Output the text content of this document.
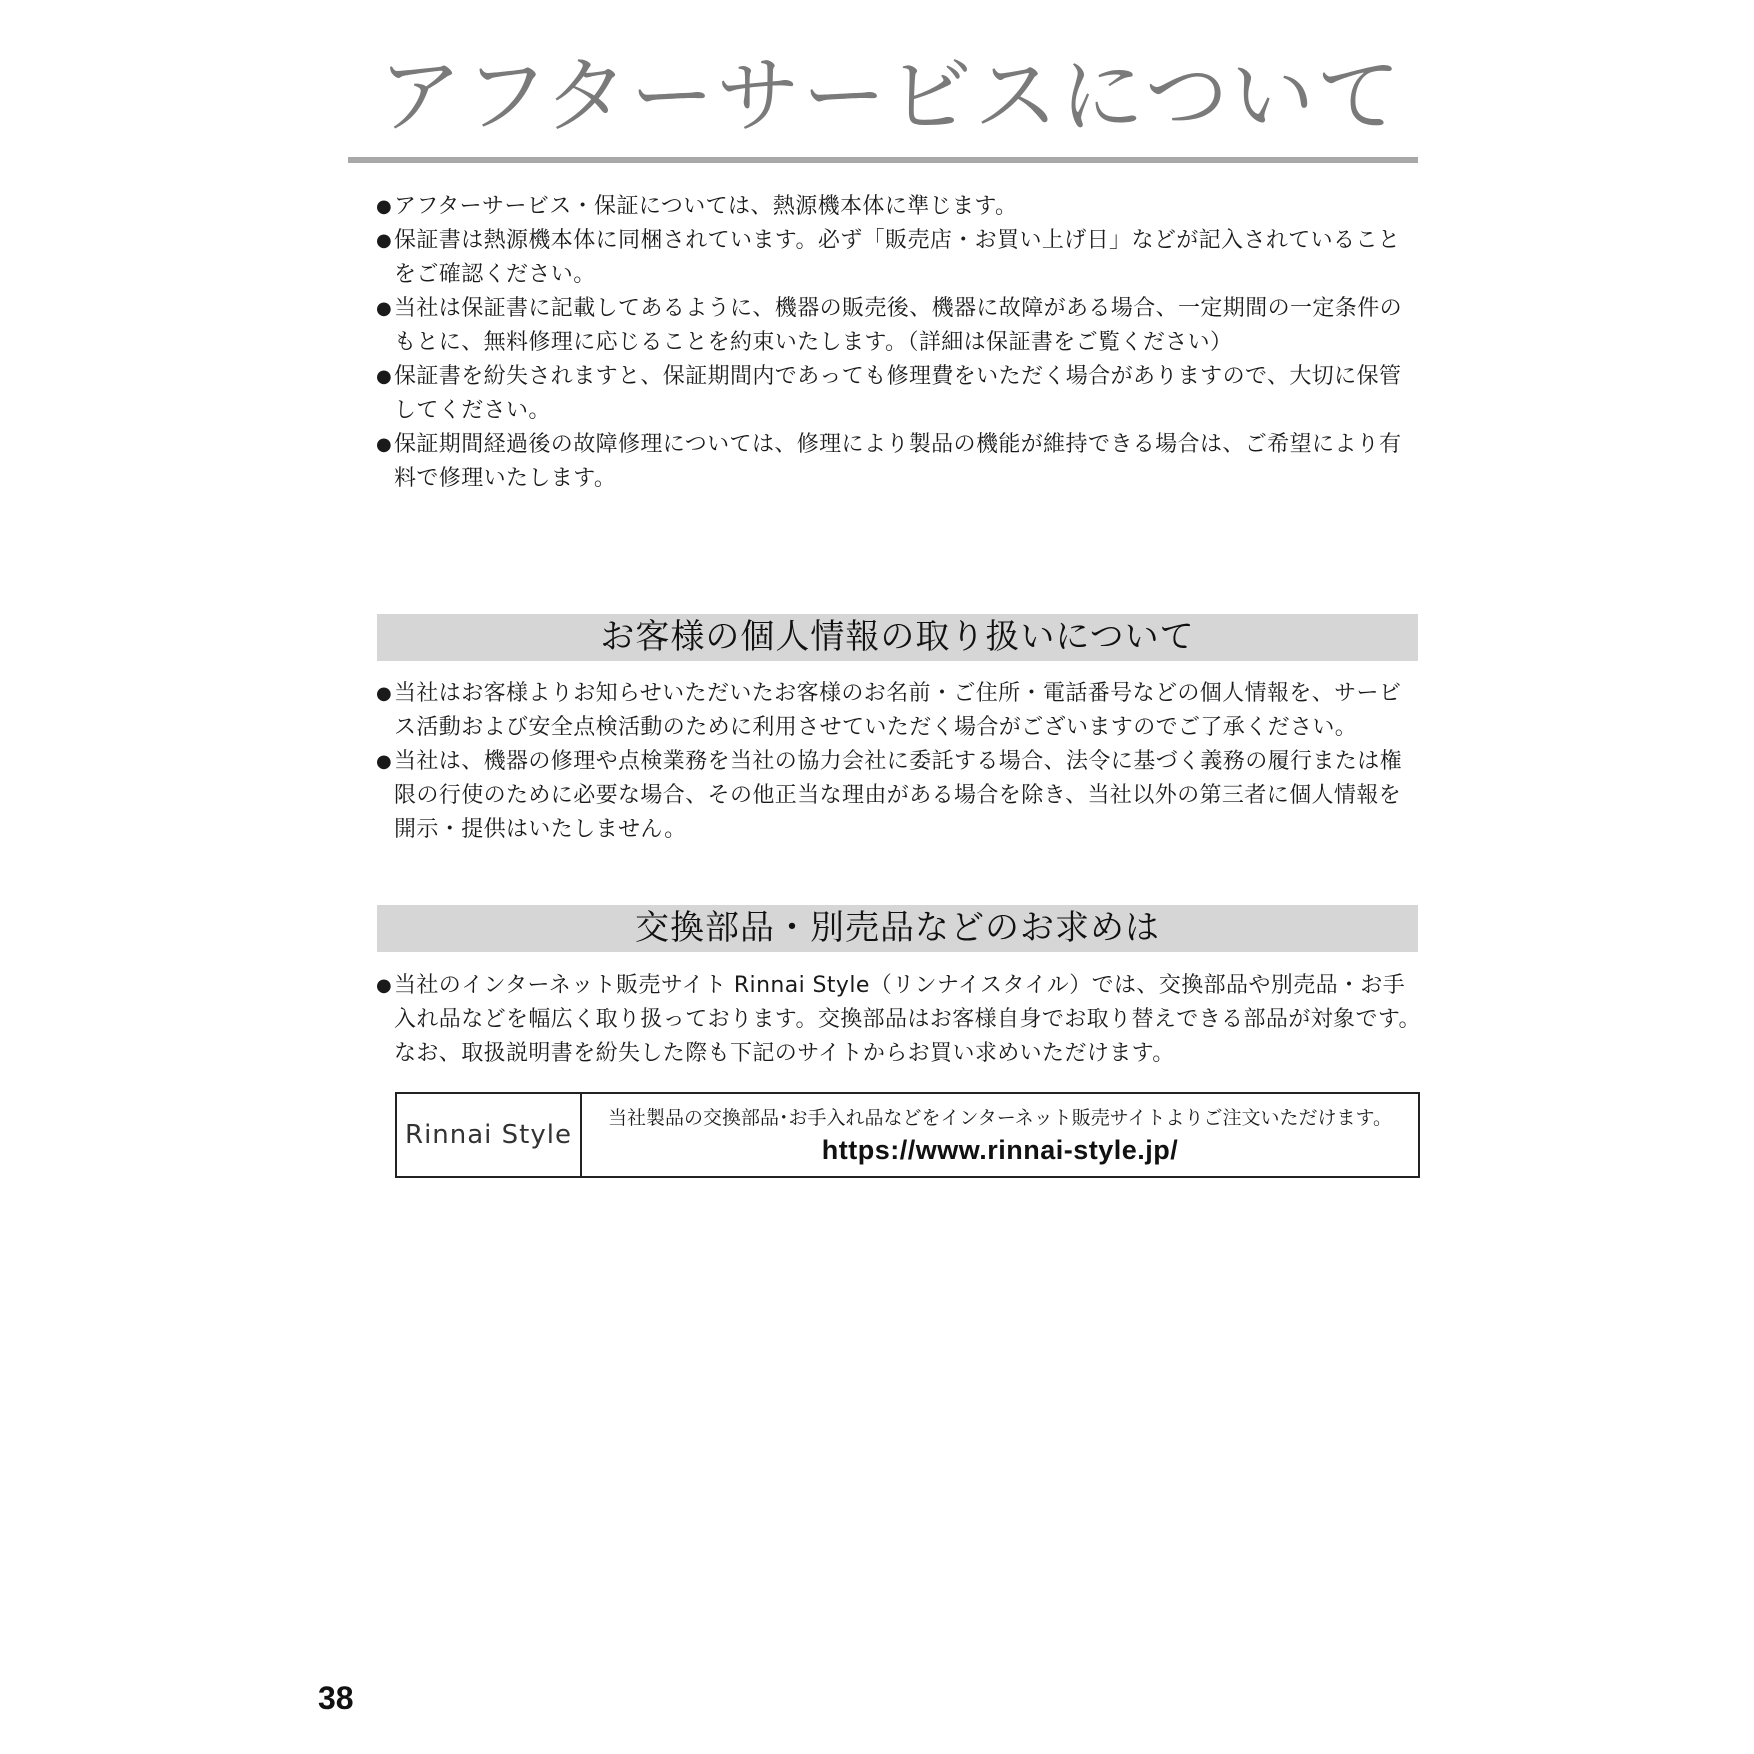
アフターサービスについて
● アフターサービス・保証については、熱源機本体に準じます。
● 保証書は熱源機本体に同梱されています。必ず「販売店・お買い上げ日」などが記入されていることをご確認ください。
● 当社は保証書に記載してあるように、機器の販売後、機器に故障がある場合、一定期間の一定条件のもとに、無料修理に応じることを約束いたします。（詳細は保証書をご覧ください）
● 保証書を紛失されますと、保証期間内であっても修理費をいただく場合がありますので、大切に保管してください。
● 保証期間経過後の故障修理については、修理により製品の機能が維持できる場合は、ご希望により有料で修理いたします。
お客様の個人情報の取り扱いについて
● 当社はお客様よりお知らせいただいたお客様のお名前・ご住所・電話番号などの個人情報を、サービス活動および安全点検活動のために利用させていただく場合がございますのでご了承ください。
● 当社は、機器の修理や点検業務を当社の協力会社に委託する場合、法令に基づく義務の履行または権限の行使のために必要な場合、その他正当な理由がある場合を除き、当社以外の第三者に個人情報を開示・提供はいたしません。
交換部品・別売品などのお求めは
● 当社のインターネット販売サイト Rinnai Style（リンナイスタイル）では、交換部品や別売品・お手入れ品などを幅広く取り扱っております。交換部品はお客様自身でお取り替えできる部品が対象です。なお、取扱説明書を紛失した際も下記のサイトからお買い求めいただけます。
Rinnai Style
当社製品の交換部品･お手入れ品などをインターネット販売サイトよりご注文いただけます。
https://www.rinnai-style.jp/
38
